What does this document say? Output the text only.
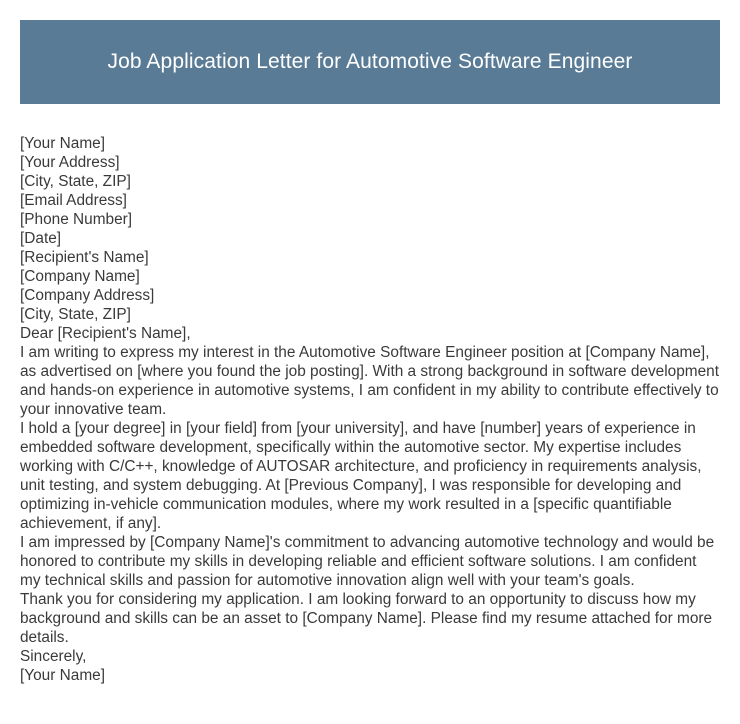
Job Application Letter for Automotive Software Engineer
[Your Name]
[Your Address]
[City, State, ZIP]
[Email Address]
[Phone Number]
[Date]
[Recipient's Name]
[Company Name]
[Company Address]
[City, State, ZIP]
Dear [Recipient's Name],

I am writing to express my interest in the Automotive Software Engineer position at [Company Name], as advertised on [where you found the job posting]. With a strong background in software development and hands-on experience in automotive systems, I am confident in my ability to contribute effectively to your innovative team.

I hold a [your degree] in [your field] from [your university], and have [number] years of experience in embedded software development, specifically within the automotive sector. My expertise includes working with C/C++, knowledge of AUTOSAR architecture, and proficiency in requirements analysis, unit testing, and system debugging. At [Previous Company], I was responsible for developing and optimizing in-vehicle communication modules, where my work resulted in a [specific quantifiable achievement, if any].

I am impressed by [Company Name]'s commitment to advancing automotive technology and would be honored to contribute my skills in developing reliable and efficient software solutions. I am confident my technical skills and passion for automotive innovation align well with your team's goals.

Thank you for considering my application. I am looking forward to an opportunity to discuss how my background and skills can be an asset to [Company Name]. Please find my resume attached for more details.

Sincerely,
[Your Name]
